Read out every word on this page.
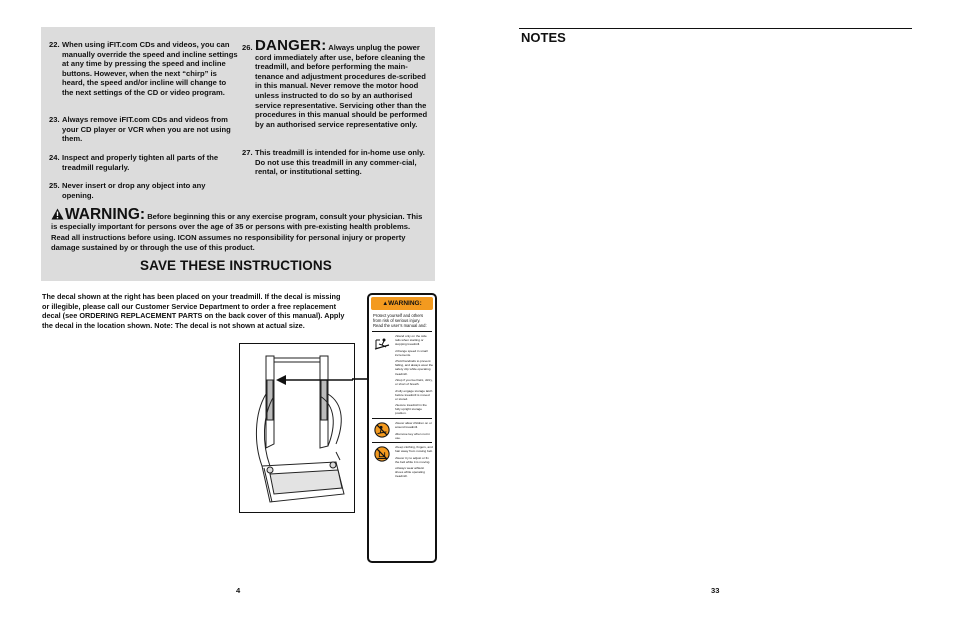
22. When using iFIT.com CDs and videos, you can manually override the speed and incline settings at any time by pressing the speed and incline buttons. However, when the next “chirp” is heard, the speed and/or incline will change to the next settings of the CD or video program.
23. Always remove iFIT.com CDs and videos from your CD player or VCR when you are not using them.
24. Inspect and properly tighten all parts of the treadmill regularly.
25. Never insert or drop any object into any opening.
26. DANGER: Always unplug the power cord immediately after use, before cleaning the treadmill, and before performing the main-tenance and adjustment procedures de-scribed in this manual. Never remove the motor hood unless instructed to do so by an authorised service representative. Servicing other than the procedures in this manual should be performed by an authorised service representative only.
27. This treadmill is intended for in-home use only. Do not use this treadmill in any commer-cial, rental, or institutional setting.
WARNING: Before beginning this or any exercise program, consult your physician. This is especially important for persons over the age of 35 or persons with pre-existing health problems. Read all instructions before using. ICON assumes no responsibility for personal injury or property damage sustained by or through the use of this product.
SAVE THESE INSTRUCTIONS
The decal shown at the right has been placed on your treadmill. If the decal is missing or illegible, please call our Customer Service Department to order a free replacement decal (see ORDERING REPLACEMENT PARTS on the back cover of this manual). Apply the decal in the location shown. Note: The decal is not shown at actual size.
▲WARNING:
Protect yourself and others from risk of serious injury. Read the user’s manual and:

•Stand only on the side rails when starting or stopping treadmill.

•Change speed in small increments.

•Hold handrails to prevent falling, and always wear the safety clip while operating treadmill.

•Stop if you feel faint, dizzy, or short of breath.

•Fully engage storage latch before treadmill is moved or stored.

•Secure treadmill in the fully upright storage position.

•Never allow children on or around treadmill.

•Remove key when not in use.

•Keep clothing, fingers, and hair away from moving belt.

•Never try to adjust or fix the belt while it is moving.

•Always wear athletic shoes while operating treadmill.

4
NOTES
33
